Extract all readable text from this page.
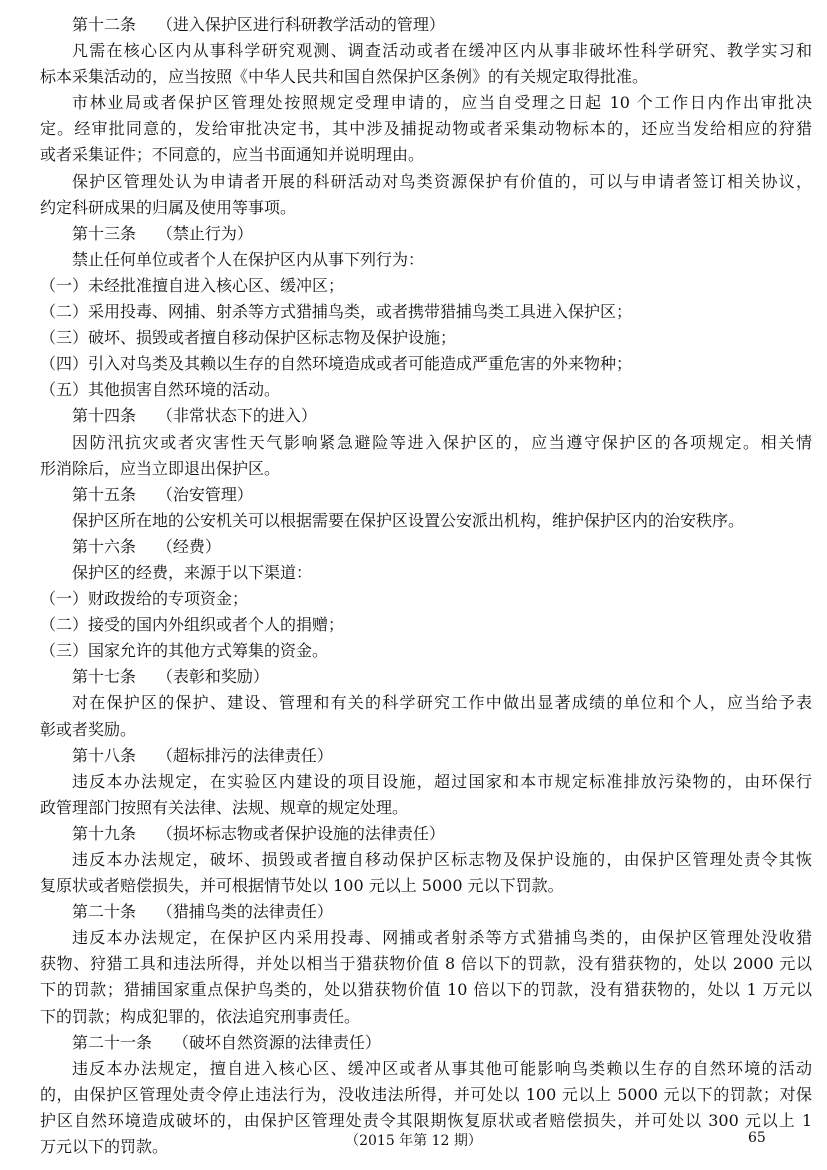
第十二条 （进入保护区进行科研教学活动的管理）
凡需在核心区内从事科学研究观测、调查活动或者在缓冲区内从事非破坏性科学研究、教学实习和
标本采集活动的，应当按照《中华人民共和国自然保护区条例》的有关规定取得批准。
市林业局或者保护区管理处按照规定受理申请的，应当自受理之日起 10 个工作日内作出审批决
定。经审批同意的，发给审批决定书，其中涉及捕捉动物或者采集动物标本的，还应当发给相应的狩猎
或者采集证件；不同意的，应当书面通知并说明理由。
保护区管理处认为申请者开展的科研活动对鸟类资源保护有价值的，可以与申请者签订相关协议，
约定科研成果的归属及使用等事项。
第十三条 （禁止行为）
禁止任何单位或者个人在保护区内从事下列行为：
（一）未经批准擅自进入核心区、缓冲区；
（二）采用投毒、网捕、射杀等方式猎捕鸟类，或者携带猎捕鸟类工具进入保护区；
（三）破坏、损毁或者擅自移动保护区标志物及保护设施；
（四）引入对鸟类及其赖以生存的自然环境造成或者可能造成严重危害的外来物种；
（五）其他损害自然环境的活动。
第十四条 （非常状态下的进入）
因防汛抗灾或者灾害性天气影响紧急避险等进入保护区的，应当遵守保护区的各项规定。相关情
形消除后，应当立即退出保护区。
第十五条 （治安管理）
保护区所在地的公安机关可以根据需要在保护区设置公安派出机构，维护保护区内的治安秩序。
第十六条 （经费）
保护区的经费，来源于以下渠道：
（一）财政拨给的专项资金；
（二）接受的国内外组织或者个人的捐赠；
（三）国家允许的其他方式筹集的资金。
第十七条 （表彰和奖励）
对在保护区的保护、建设、管理和有关的科学研究工作中做出显著成绩的单位和个人，应当给予表
彰或者奖励。
第十八条 （超标排污的法律责任）
违反本办法规定，在实验区内建设的项目设施，超过国家和本市规定标准排放污染物的，由环保行
政管理部门按照有关法律、法规、规章的规定处理。
第十九条 （损坏标志物或者保护设施的法律责任）
违反本办法规定，破坏、损毁或者擅自移动保护区标志物及保护设施的，由保护区管理处责令其恢
复原状或者赔偿损失，并可根据情节处以 100 元以上 5000 元以下罚款。
第二十条 （猎捕鸟类的法律责任）
违反本办法规定，在保护区内采用投毒、网捕或者射杀等方式猎捕鸟类的，由保护区管理处没收猎
获物、狩猎工具和违法所得，并处以相当于猎获物价值 8 倍以下的罚款，没有猎获物的，处以 2000 元以
下的罚款；猎捕国家重点保护鸟类的，处以猎获物价值 10 倍以下的罚款，没有猎获物的，处以 1 万元以
下的罚款；构成犯罪的，依法追究刑事责任。
第二十一条 （破坏自然资源的法律责任）
违反本办法规定，擅自进入核心区、缓冲区或者从事其他可能影响鸟类赖以生存的自然环境的活动
的，由保护区管理处责令停止违法行为，没收违法所得，并可处以 100 元以上 5000 元以下的罚款；对保
护区自然环境造成破坏的，由保护区管理处责令其限期恢复原状或者赔偿损失，并可处以 300 元以上 1
万元以下的罚款。	（2015 年第 12 期）	65
